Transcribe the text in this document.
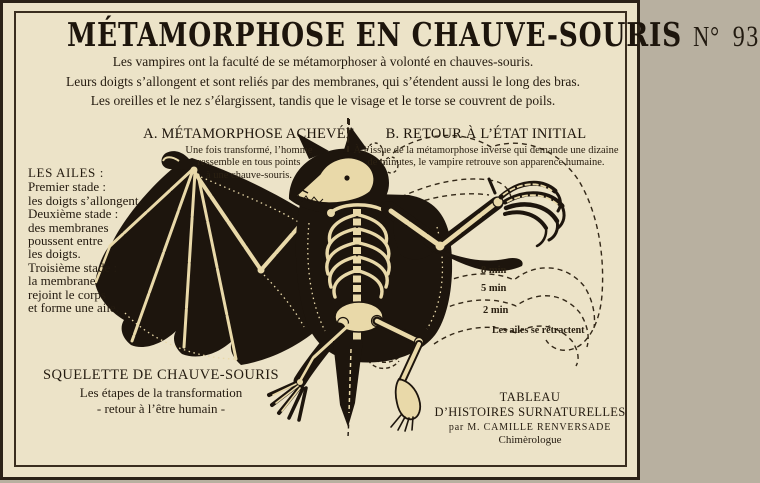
MÉTAMORPHOSE EN CHAUVE-SOURIS N° 93
Les vampires ont la faculté de se métamorphoser à volonté en chauves-souris.
Leurs doigts s’allongent et sont reliés par des membranes, qui s’étendent aussi le long des bras.
Les oreilles et le nez s’élargissent, tandis que le visage et le torse se couvrent de poils.
A. MÉTAMORPHOSE ACHEVÉE
Une fois transformé, l’homme
ressemble en tous points
à une chauve-souris.
B. RETOUR À L’ÉTAT INITIAL
À l’issue de la métamorphose inverse qui demande une dizaine
de minutes, le vampire retrouve son apparence humaine.
LES AILES :
Premier stade :
les doigts s’allongent.
Deuxième stade :
des membranes
poussent entre
les doigts.
Troisième stade :
la membrane
rejoint le corps
et forme une aile.
8 min
5 min
2 min
Les ailes se rétractent
SQUELETTE DE CHAUVE-SOURIS
Les étapes de la transformation
- retour à l’être humain -
TABLEAU
D’HISTOIRES SURNATURELLES
par M. CAMILLE RENVERSADE
Chimèrologue
